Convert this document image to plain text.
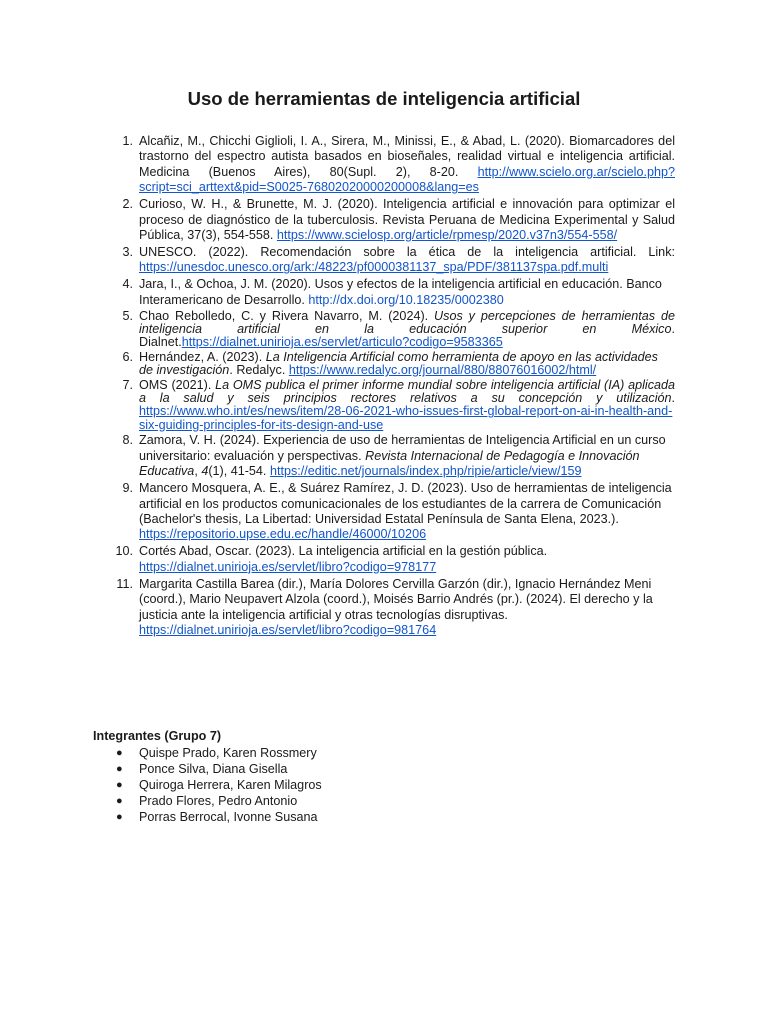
Uso de herramientas de inteligencia artificial
1. Alcañiz, M., Chicchi Giglioli, I. A., Sirera, M., Minissi, E., & Abad, L. (2020). Biomarcadores del trastorno del espectro autista basados en bioseñales, realidad virtual e inteligencia artificial. Medicina (Buenos Aires), 80(Supl. 2), 8-20. http://www.scielo.org.ar/scielo.php?script=sci_arttext&pid=S0025-76802020000200008&lang=es
2. Curioso, W. H., & Brunette, M. J. (2020). Inteligencia artificial e innovación para optimizar el proceso de diagnóstico de la tuberculosis. Revista Peruana de Medicina Experimental y Salud Pública, 37(3), 554-558. https://www.scielosp.org/article/rpmesp/2020.v37n3/554-558/
3. UNESCO. (2022). Recomendación sobre la ética de la inteligencia artificial. Link: https://unesdoc.unesco.org/ark:/48223/pf0000381137_spa/PDF/381137spa.pdf.multi
4. Jara, I., & Ochoa, J. M. (2020). Usos y efectos de la inteligencia artificial en educación. Banco Interamericano de Desarrollo. http://dx.doi.org/10.18235/0002380
5. Chao Rebolledo, C. y Rivera Navarro, M. (2024). Usos y percepciones de herramientas de inteligencia artificial en la educación superior en México. Dialnet.https://dialnet.unirioja.es/servlet/articulo?codigo=9583365
6. Hernández, A. (2023). La Inteligencia Artificial como herramienta de apoyo en las actividades de investigación. Redalyc. https://www.redalyc.org/journal/880/88076016002/html/
7. OMS (2021). La OMS publica el primer informe mundial sobre inteligencia artificial (IA) aplicada a la salud y seis principios rectores relativos a su concepción y utilización. https://www.who.int/es/news/item/28-06-2021-who-issues-first-global-report-on-ai-in-health-and-six-guiding-principles-for-its-design-and-use
8. Zamora, V. H. (2024). Experiencia de uso de herramientas de Inteligencia Artificial en un curso universitario: evaluación y perspectivas. Revista Internacional de Pedagogía e Innovación Educativa, 4(1), 41-54. https://editic.net/journals/index.php/ripie/article/view/159
9. Mancero Mosquera, A. E., & Suárez Ramírez, J. D. (2023). Uso de herramientas de inteligencia artificial en los productos comunicacionales de los estudiantes de la carrera de Comunicación (Bachelor's thesis, La Libertad: Universidad Estatal Península de Santa Elena, 2023.). https://repositorio.upse.edu.ec/handle/46000/10206
10. Cortés Abad, Oscar. (2023). La inteligencia artificial en la gestión pública. https://dialnet.unirioja.es/servlet/libro?codigo=978177
11. Margarita Castilla Barea (dir.), María Dolores Cervilla Garzón (dir.), Ignacio Hernández Meni (coord.), Mario Neupavert Alzola (coord.), Moisés Barrio Andrés (pr.). (2024). El derecho y la justicia ante la inteligencia artificial y otras tecnologías disruptivas. https://dialnet.unirioja.es/servlet/libro?codigo=981764
Integrantes (Grupo 7)
● Quispe Prado, Karen Rossmery
● Ponce Silva, Diana Gisella
● Quiroga Herrera, Karen Milagros
● Prado Flores, Pedro Antonio
● Porras Berrocal, Ivonne Susana
